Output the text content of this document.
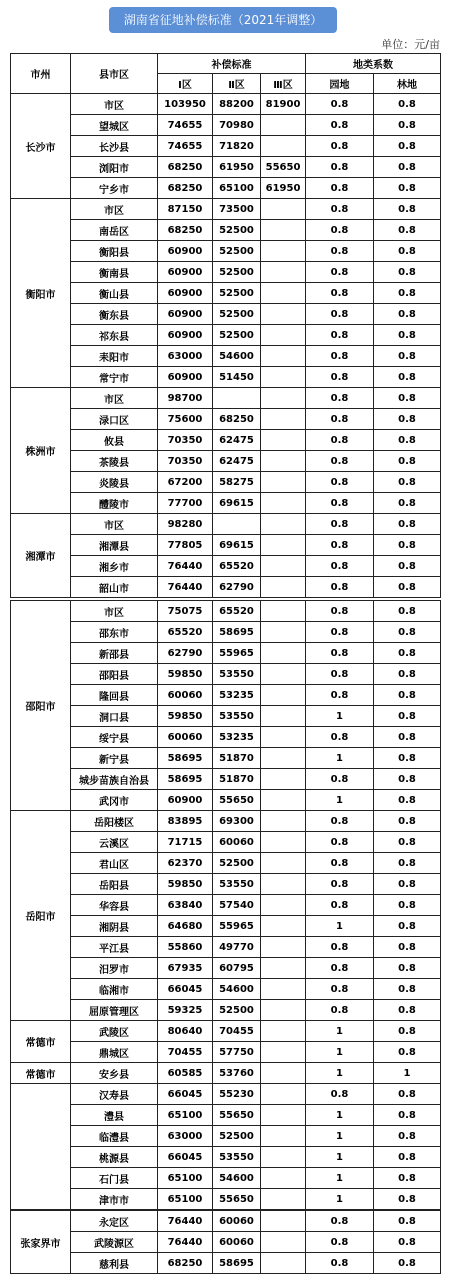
湖南省征地补偿标准（2021年调整）
单位：元/亩
市州	县市区	补偿标准			地类系数	
		Ⅰ区	Ⅱ区	Ⅲ区	园地	林地
长沙市	市区	103950	88200	81900	0.8	0.8
	望城区	74655	70980		0.8	0.8
	长沙县	74655	71820		0.8	0.8
	浏阳市	68250	61950	55650	0.8	0.8
	宁乡市	68250	65100	61950	0.8	0.8
衡阳市	市区	87150	73500		0.8	0.8
	南岳区	68250	52500		0.8	0.8
	衡阳县	60900	52500		0.8	0.8
	衡南县	60900	52500		0.8	0.8
	衡山县	60900	52500		0.8	0.8
	衡东县	60900	52500		0.8	0.8
	祁东县	60900	52500		0.8	0.8
	耒阳市	63000	54600		0.8	0.8
	常宁市	60900	51450		0.8	0.8
株洲市	市区	98700			0.8	0.8
	渌口区	75600	68250		0.8	0.8
	攸县	70350	62475		0.8	0.8
	茶陵县	70350	62475		0.8	0.8
	炎陵县	67200	58275		0.8	0.8
	醴陵市	77700	69615		0.8	0.8
湘潭市	市区	98280			0.8	0.8
	湘潭县	77805	69615		0.8	0.8
	湘乡市	76440	65520		0.8	0.8
	韶山市	76440	62790		0.8	0.8
邵阳市	市区	75075	65520		0.8	0.8
	邵东市	65520	58695		0.8	0.8
	新邵县	62790	55965		0.8	0.8
	邵阳县	59850	53550		0.8	0.8
	隆回县	60060	53235		0.8	0.8
	洞口县	59850	53550		1	0.8
	绥宁县	60060	53235		0.8	0.8
	新宁县	58695	51870		1	0.8
	城步苗族自治县	58695	51870		0.8	0.8
	武冈市	60900	55650		1	0.8
岳阳市	岳阳楼区	83895	69300		0.8	0.8
	云溪区	71715	60060		0.8	0.8
	君山区	62370	52500		0.8	0.8
	岳阳县	59850	53550		0.8	0.8
	华容县	63840	57540		0.8	0.8
	湘阴县	64680	55965		1	0.8
	平江县	55860	49770		0.8	0.8
	汨罗市	67935	60795		0.8	0.8
	临湘市	66045	54600		0.8	0.8
	屈原管理区	59325	52500		0.8	0.8
常德市	武陵区	80640	70455		1	0.8
	鼎城区	70455	57750		1	0.8
常德市	安乡县	60585	53760		1	1
	汉寿县	66045	55230		0.8	0.8
	澧县	65100	55650		1	0.8
	临澧县	63000	52500		1	0.8
	桃源县	66045	53550		1	0.8
	石门县	65100	54600		1	0.8
	津市市	65100	55650		1	0.8
张家界市	永定区	76440	60060		0.8	0.8
	武陵源区	76440	60060		0.8	0.8
	慈利县	68250	58695		0.8	0.8
